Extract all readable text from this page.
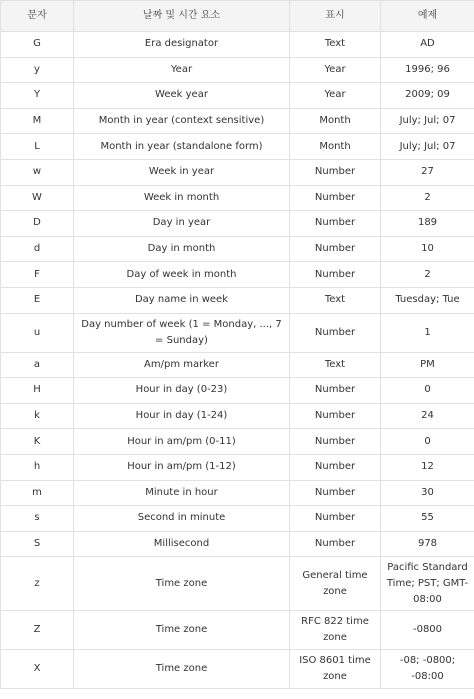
문자	날짜 및 시간 요소	표시	예제
G	Era designator	Text	AD
y	Year	Year	1996; 96
Y	Week year	Year	2009; 09
M	Month in year (context sensitive)	Month	July; Jul; 07
L	Month in year (standalone form)	Month	July; Jul; 07
w	Week in year	Number	27
W	Week in month	Number	2
D	Day in year	Number	189
d	Day in month	Number	10
F	Day of week in month	Number	2
E	Day name in week	Text	Tuesday; Tue
u	Day number of week (1 = Monday, ..., 7 = Sunday)	Number	1
a	Am/pm marker	Text	PM
H	Hour in day (0-23)	Number	0
k	Hour in day (1-24)	Number	24
K	Hour in am/pm (0-11)	Number	0
h	Hour in am/pm (1-12)	Number	12
m	Minute in hour	Number	30
s	Second in minute	Number	55
S	Millisecond	Number	978
z	Time zone	General time zone	Pacific Standard Time; PST; GMT-08:00
Z	Time zone	RFC 822 time zone	-0800
X	Time zone	ISO 8601 time zone	-08; -0800; -08:00
